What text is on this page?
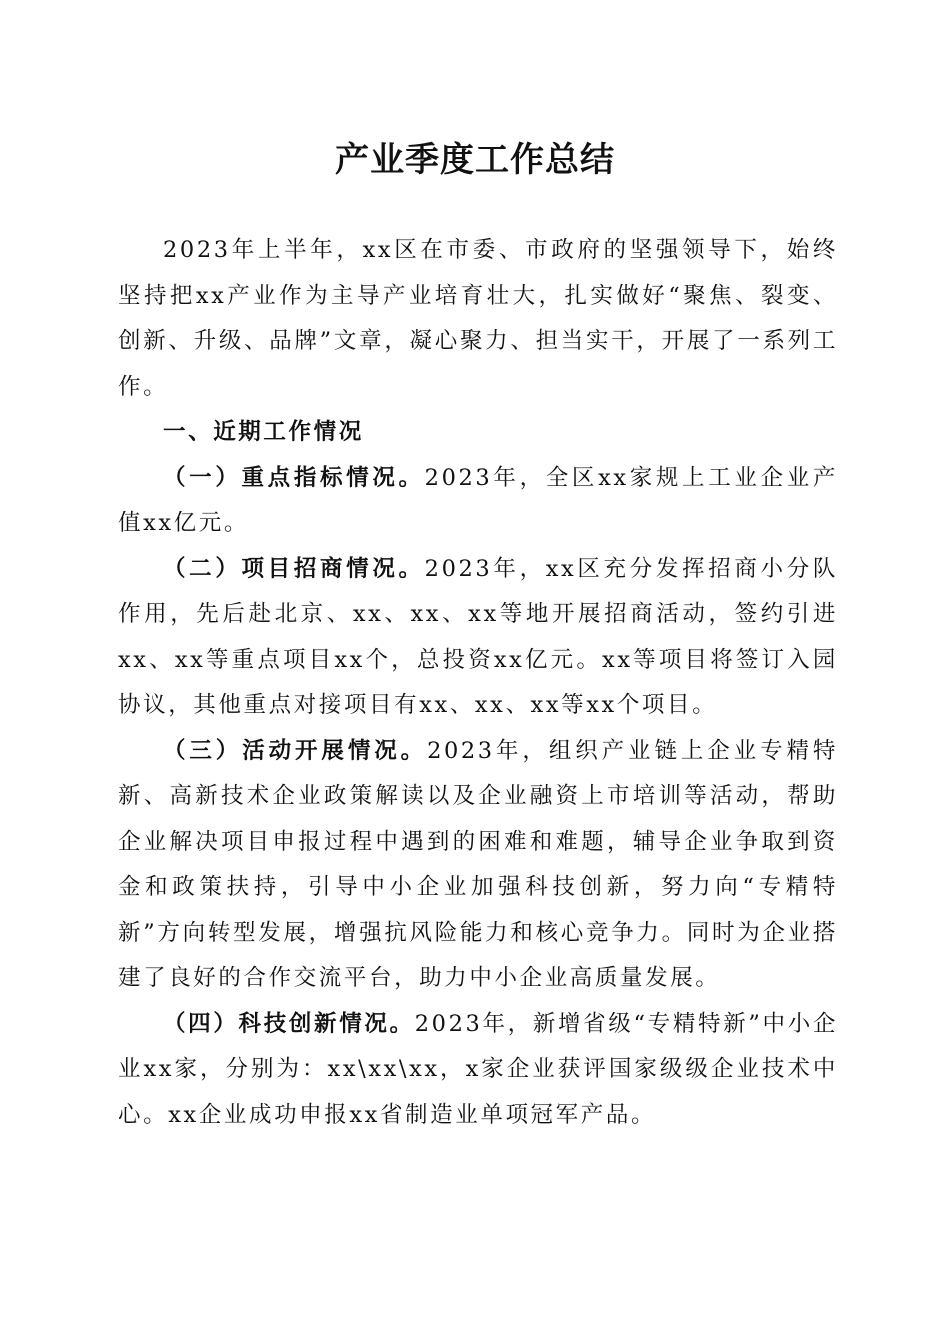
产业季度工作总结

2023年上半年，xx区在市委、市政府的坚强领导下，始终坚持把xx产业作为主导产业培育壮大，扎实做好“聚焦、裂变、创新、升级、品牌”文章，凝心聚力、担当实干，开展了一系列工作。

一、近期工作情况

（一）重点指标情况。2023年，全区xx家规上工业企业产值xx亿元。

（二）项目招商情况。2023年，xx区充分发挥招商小分队作用，先后赴北京、xx、xx、xx等地开展招商活动，签约引进xx、xx等重点项目xx个，总投资xx亿元。xx等项目将签订入园协议，其他重点对接项目有xx、xx、xx等xx个项目。

（三）活动开展情况。2023年，组织产业链上企业专精特新、高新技术企业政策解读以及企业融资上市培训等活动，帮助企业解决项目申报过程中遇到的困难和难题，辅导企业争取到资金和政策扶持，引导中小企业加强科技创新，努力向“专精特新”方向转型发展，增强抗风险能力和核心竞争力。同时为企业搭建了良好的合作交流平台，助力中小企业高质量发展。

（四）科技创新情况。2023年，新增省级“专精特新”中小企业xx家，分别为：xx\xx\xx，x家企业获评国家级级企业技术中心。xx企业成功申报xx省制造业单项冠军产品。
